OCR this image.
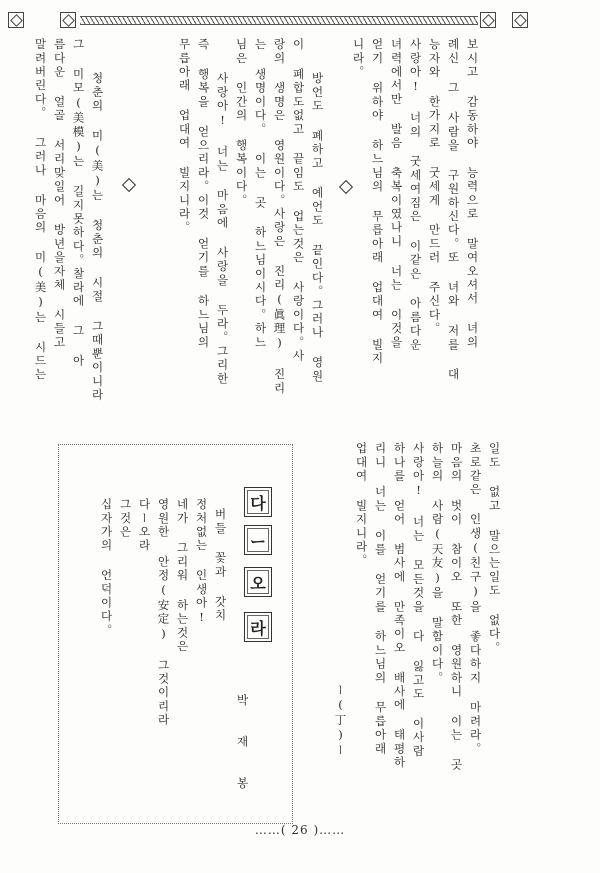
보시고 감동하야 능력으로 말여오셔서 녀의
례신 그 사람을 구원하신다。또 녀와 저를 대
능자와 한가지로 굿세게 만드러 주신다。
사랑아! 너의 굿세여짐은 이같은 아름다운
녀력에서만 발음 축복이였나니 너는 이것을
얻기 위하야 하느님의 무릅아래 업대여 빌지
니라。
방언도 폐하고 예언도 끝인다。그러나 영원
이 폐합도없고 끝임도 업는것은 사랑이다。사
랑의 생명은 영원이다。사랑은 진리(眞理) 진리
는 생명이다。 이는 곳 하느님이시다。하느
님은 인간의 행복이다。
사랑아! 너는 마음에 사랑을 두라。그리한
즉 행복을 얻으리라。이것 얻기를 하느님의
무릅아래 업대여 빌지니라。
청춘의 미(美)는 청춘의 시절 그때뿐이니라
그 미모(美模)는 길지못하다。찰라에 그 아
름다운 얼골 서리맞일어 방년을자체 시들고
말려버린다。 그러나 마음의 미(美)는 시드는
일도 없고 말으는일도 없다。
초로같은 인생(친구)을 좋다하지 마려라。
마음의 벗이 참이오 또한 영원하니 이는 곳
하늘의 사람(天友)을 말함이다。
사랑아! 너는 모든것을 다 잃고도 이사람
하나를 얻어 범사에 만족이오 배사에 태평하
리니 너는 이를 얻기를 하느님의 무릅아래
업대여 빌지니라。
ー(丁)ー
다
ー
오
라
박 재 봉
버들 꽃과 갓치
정처없는 인생아!
네가 그리워 하는것은
영원한 안정(安定) 그것이리라
다ー오라
그것은
십자가의 언덕이다。
……( 26 )……
